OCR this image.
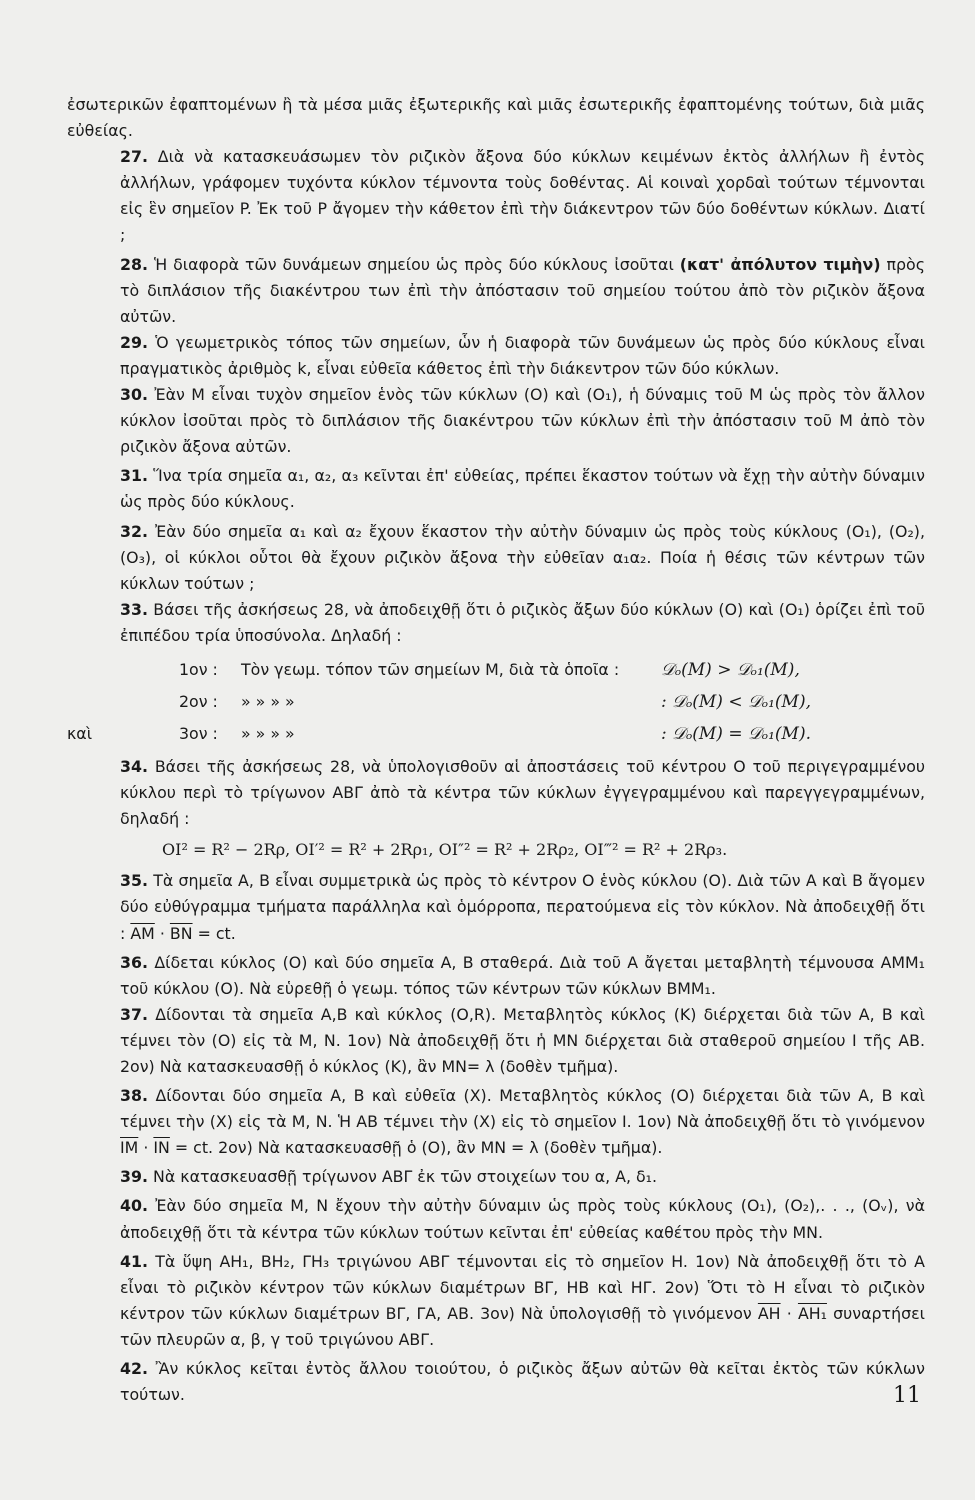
ἐσωτερικῶν ἐφαπτομένων ἢ τὰ μέσα μιᾶς ἐξωτερικῆς καὶ μιᾶς ἐσωτερικῆς ἐφαπτομένης τούτων, διὰ μιᾶς εὐθείας.

27. Διὰ νὰ κατασκευάσωμεν τὸν ριζικὸν ἄξονα δύο κύκλων κειμένων ἐκτὸς ἀλλήλων ἢ ἐντὸς ἀλλήλων, γράφομεν τυχόντα κύκλον τέμνοντα τοὺς δοθέντας. Αἱ κοιναὶ χορδαὶ τούτων τέμνονται εἰς ἓν σημεῖον P. Ἐκ τοῦ P ἄγομεν τὴν κάθετον ἐπὶ τὴν διάκεντρον τῶν δύο δοθέντων κύκλων. Διατί ;

28. Ἡ διαφορὰ τῶν δυνάμεων σημείου ὡς πρὸς δύο κύκλους ἰσοῦται (κατ' ἀπόλυτον τιμὴν) πρὸς τὸ διπλάσιον τῆς διακέντρου των ἐπὶ τὴν ἀπόστασιν τοῦ σημείου τούτου ἀπὸ τὸν ριζικὸν ἄξονα αὐτῶν.

29. Ὁ γεωμετρικὸς τόπος τῶν σημείων, ὧν ἡ διαφορὰ τῶν δυνάμεων ὡς πρὸς δύο κύκλους εἶναι πραγματικὸς ἀριθμὸς k, εἶναι εὐθεῖα κάθετος ἐπὶ τὴν διάκεντρον τῶν δύο κύκλων.

30. Ἐὰν M εἶναι τυχὸν σημεῖον ἑνὸς τῶν κύκλων (O) καὶ (O₁), ἡ δύναμις τοῦ M ὡς πρὸς τὸν ἄλλον κύκλον ἰσοῦται πρὸς τὸ διπλάσιον τῆς διακέντρου τῶν κύκλων ἐπὶ τὴν ἀπόστασιν τοῦ M ἀπὸ τὸν ριζικὸν ἄξονα αὐτῶν.

31. Ἵνα τρία σημεῖα α₁, α₂, α₃ κεῖνται ἐπ' εὐθείας, πρέπει ἕκαστον τούτων νὰ ἔχῃ τὴν αὐτὴν δύναμιν ὡς πρὸς δύο κύκλους.

32. Ἐὰν δύο σημεῖα α₁ καὶ α₂ ἔχουν ἕκαστον τὴν αὐτὴν δύναμιν ὡς πρὸς τοὺς κύκλους (O₁), (O₂), (O₃), οἱ κύκλοι οὗτοι θὰ ἔχουν ριζικὸν ἄξονα τὴν εὐθεῖαν α₁α₂. Ποία ἡ θέσις τῶν κέντρων τῶν κύκλων τούτων ;

33. Βάσει τῆς ἀσκήσεως 28, νὰ ἀποδειχθῇ ὅτι ὁ ριζικὸς ἄξων δύο κύκλων (O) καὶ (O₁) ὁρίζει ἐπὶ τοῦ ἐπιπέδου τρία ὑποσύνολα. Δηλαδή :

	1ον :	Τὸν γεωμ. τόπον τῶν σημείων M, διὰ τὰ ὁποῖα :	𝒟ₒ(M) > 𝒟ₒ₁(M),
	2ον :	» » » »	: 𝒟ₒ(M) < 𝒟ₒ₁(M),
καὶ	3ον :	» » » »	: 𝒟ₒ(M) = 𝒟ₒ₁(M).

34. Βάσει τῆς ἀσκήσεως 28, νὰ ὑπολογισθοῦν αἱ ἀποστάσεις τοῦ κέντρου O τοῦ περιγεγραμμένου κύκλου περὶ τὸ τρίγωνον ΑΒΓ ἀπὸ τὰ κέντρα τῶν κύκλων ἐγγεγραμμένου καὶ παρεγγεγραμμένων, δηλαδή :

OI² = R² − 2Rρ, OI′² = R² + 2Rρ₁, OI″² = R² + 2Rρ₂, OI‴² = R² + 2Rρ₃.

35. Τὰ σημεῖα A, B εἶναι συμμετρικὰ ὡς πρὸς τὸ κέντρον O ἑνὸς κύκλου (O). Διὰ τῶν A καὶ B ἄγομεν δύο εὐθύγραμμα τμήματα παράλληλα καὶ ὁμόρροπα, περατούμενα εἰς τὸν κύκλον. Νὰ ἀποδειχθῇ ὅτι : $\overline{AM} \cdot \overline{BN}$ = ct.

36. Δίδεται κύκλος (O) καὶ δύο σημεῖα A, B σταθερά. Διὰ τοῦ A ἄγεται μεταβλητὴ τέμνουσα AMM₁ τοῦ κύκλου (O). Νὰ εὑρεθῇ ὁ γεωμ. τόπος τῶν κέντρων τῶν κύκλων BMM₁.

37. Δίδονται τὰ σημεῖα A,B καὶ κύκλος (O,R). Μεταβλητὸς κύκλος (K) διέρχεται διὰ τῶν A, B καὶ τέμνει τὸν (O) εἰς τὰ M, N. 1ον) Νὰ ἀποδειχθῇ ὅτι ἡ MN διέρχεται διὰ σταθεροῦ σημείου I τῆς AB. 2ον) Νὰ κατασκευασθῇ ὁ κύκλος (K), ἂν MN= λ (δοθὲν τμῆμα).

38. Δίδονται δύο σημεῖα A, B καὶ εὐθεῖα (X). Μεταβλητὸς κύκλος (O) διέρχεται διὰ τῶν A, B καὶ τέμνει τὴν (X) εἰς τὰ M, N. Ἡ AB τέμνει τὴν (X) εἰς τὸ σημεῖον I. 1ον) Νὰ ἀποδειχθῇ ὅτι τὸ γινόμενον $\overline{IM} \cdot \overline{IN}$ = ct. 2ον) Νὰ κατασκευασθῇ ὁ (O), ἂν MN = λ (δοθὲν τμῆμα).

39. Νὰ κατασκευασθῇ τρίγωνον ΑΒΓ ἐκ τῶν στοιχείων του α, A, δ₁.

40. Ἐὰν δύο σημεῖα M, N ἔχουν τὴν αὐτὴν δύναμιν ὡς πρὸς τοὺς κύκλους (O₁), (O₂),. . ., (Oᵥ), νὰ ἀποδειχθῇ ὅτι τὰ κέντρα τῶν κύκλων τούτων κεῖνται ἐπ' εὐθείας καθέτου πρὸς τὴν MN.

41. Τὰ ὕψη AH₁, BH₂, ΓH₃ τριγώνου ΑΒΓ τέμνονται εἰς τὸ σημεῖον H. 1ον) Νὰ ἀποδειχθῇ ὅτι τὸ A εἶναι τὸ ριζικὸν κέντρον τῶν κύκλων διαμέτρων ΒΓ, HB καὶ HΓ. 2ον) Ὅτι τὸ H εἶναι τὸ ριζικὸν κέντρον τῶν κύκλων διαμέτρων ΒΓ, ΓA, AB. 3ον) Νὰ ὑπολογισθῇ τὸ γινόμενον $\overline{AH} \cdot AH_1$ συναρτήσει τῶν πλευρῶν α, β, γ τοῦ τριγώνου ΑΒΓ.

42. Ἂν κύκλος κεῖται ἐντὸς ἄλλου τοιούτου, ὁ ριζικὸς ἄξων αὐτῶν θὰ κεῖται ἐκτὸς τῶν κύκλων τούτων.	11
